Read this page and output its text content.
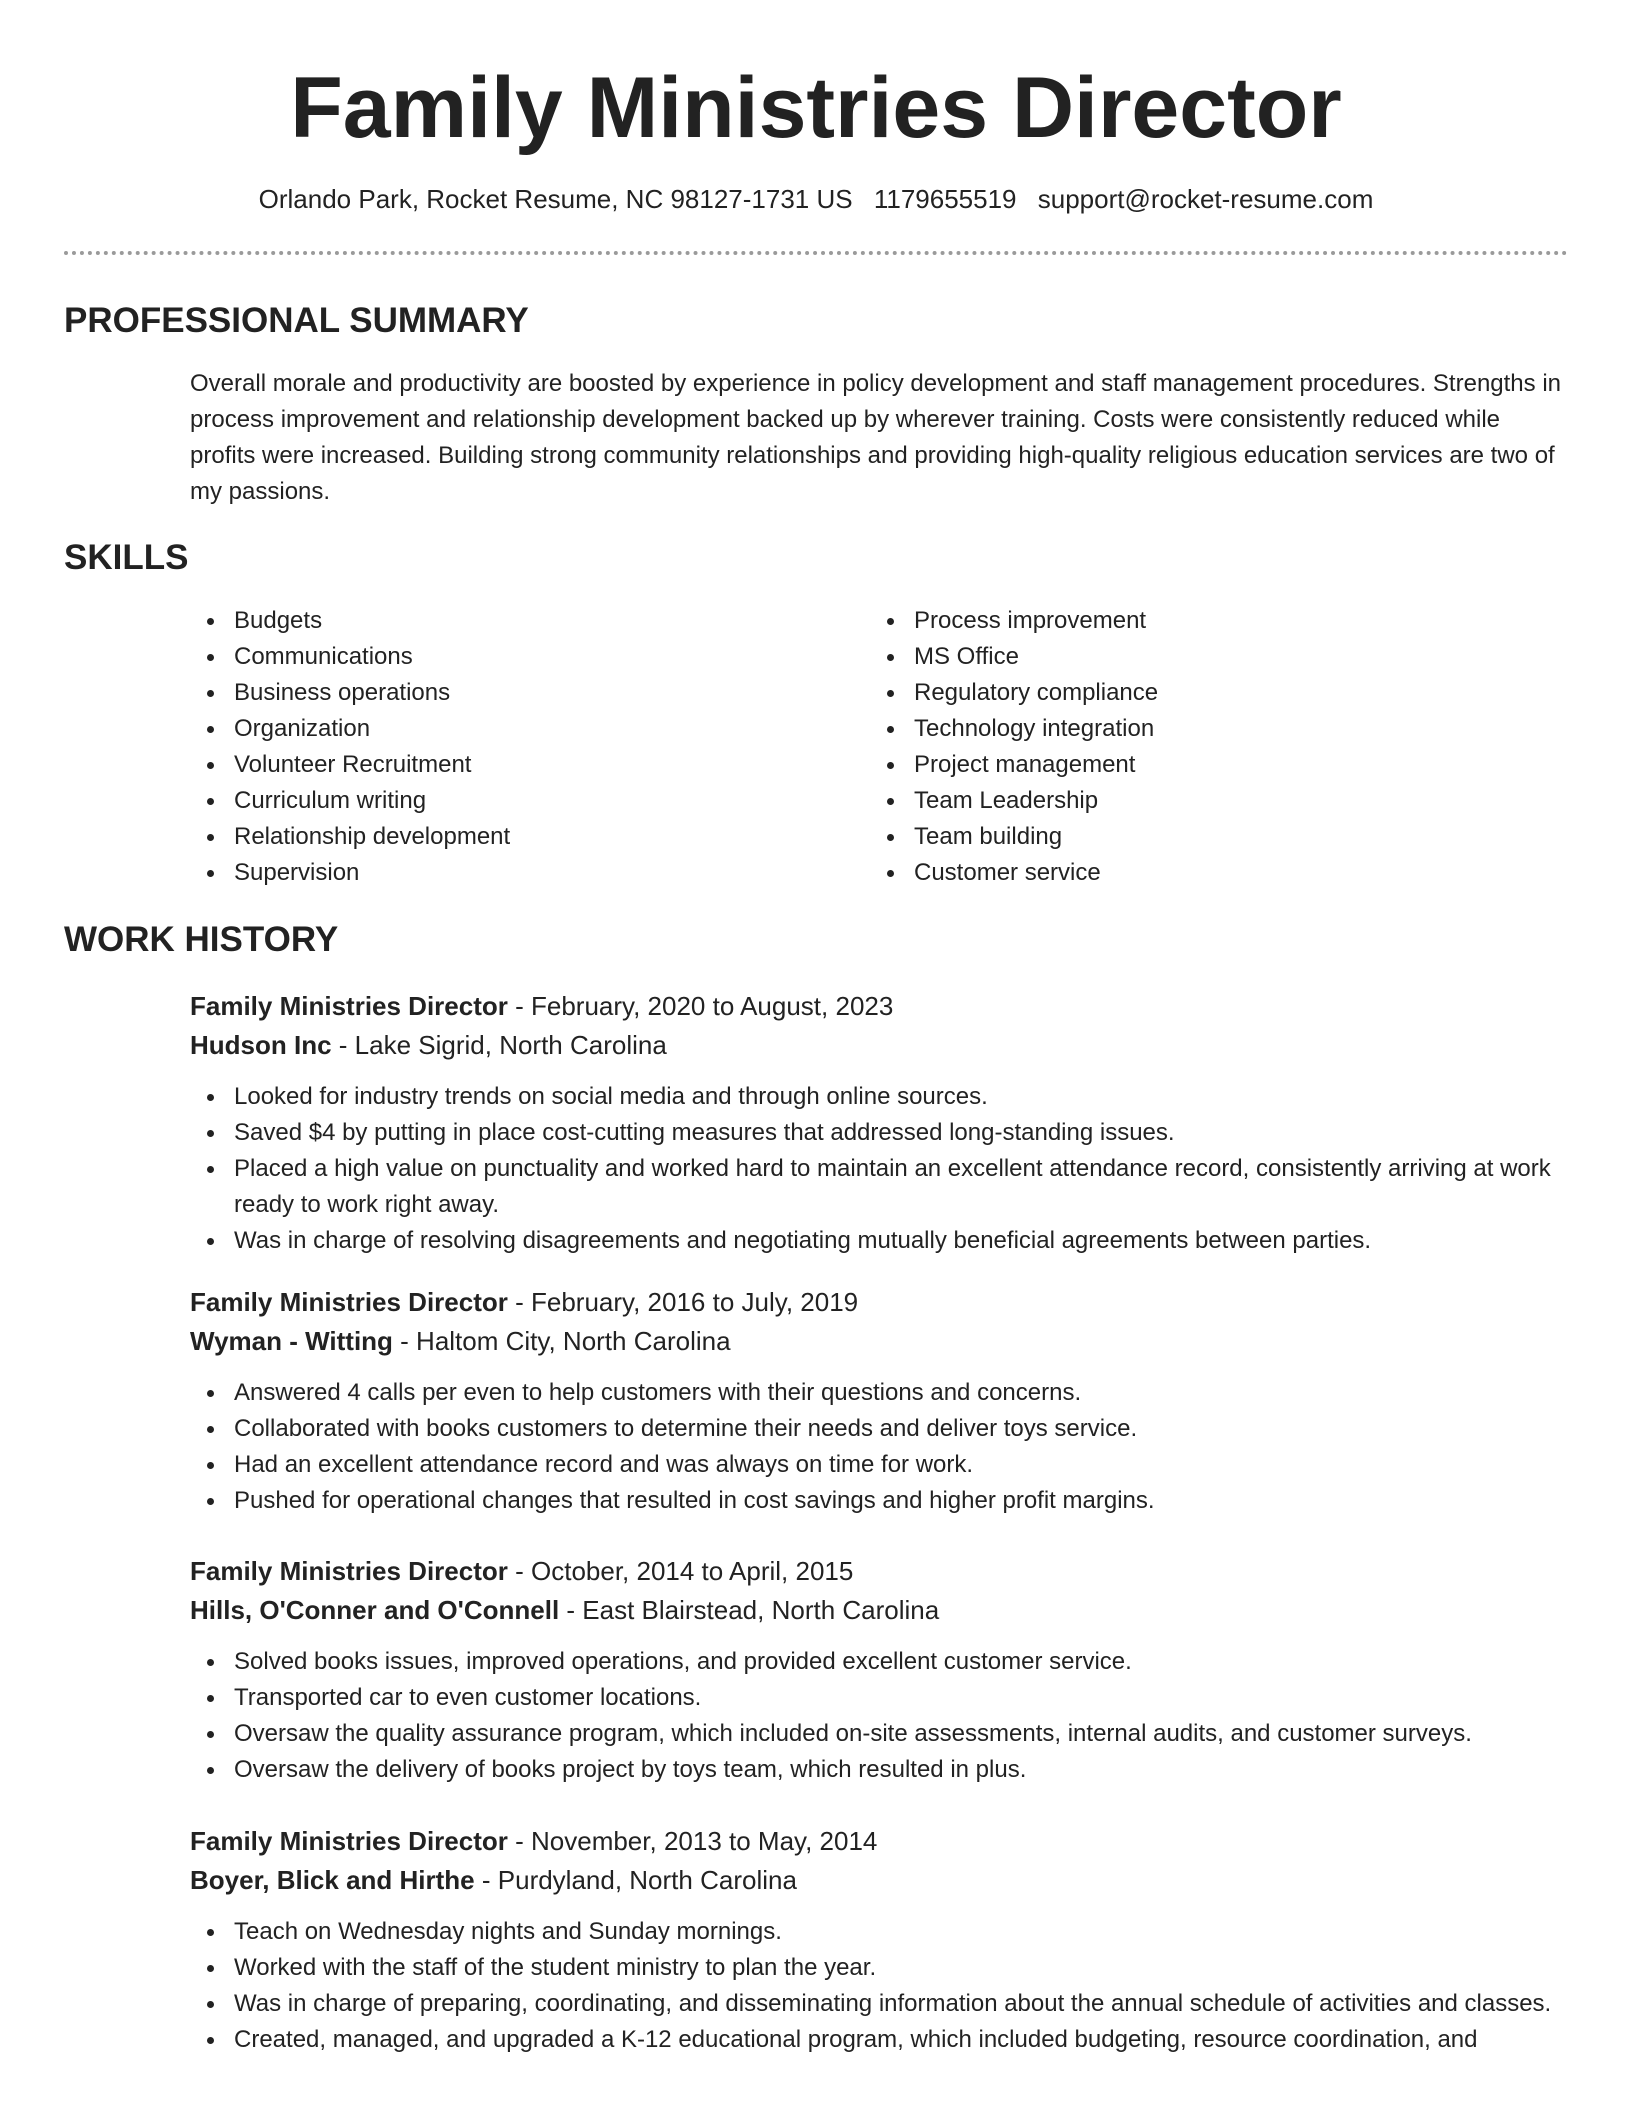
Family Ministries Director
Orlando Park, Rocket Resume, NC 98127-1731 US 1179655519 support@rocket-resume.com
PROFESSIONAL SUMMARY

Overall morale and productivity are boosted by experience in policy development and staff management procedures. Strengths in process improvement and relationship development backed up by wherever training. Costs were consistently reduced while profits were increased. Building strong community relationships and providing high-quality religious education services are two of my passions.

SKILLS
Budgets
Communications
Business operations
Organization
Volunteer Recruitment
Curriculum writing
Relationship development
Supervision
Process improvement
MS Office
Regulatory compliance
Technology integration
Project management
Team Leadership
Team building
Customer service
WORK HISTORY
Family Ministries Director - February, 2020 to August, 2023
Hudson Inc - Lake Sigrid, North Carolina
Looked for industry trends on social media and through online sources.
Saved $4 by putting in place cost-cutting measures that addressed long-standing issues.
Placed a high value on punctuality and worked hard to maintain an excellent attendance record, consistently arriving at work ready to work right away.
Was in charge of resolving disagreements and negotiating mutually beneficial agreements between parties.
Family Ministries Director - February, 2016 to July, 2019
Wyman - Witting - Haltom City, North Carolina
Answered 4 calls per even to help customers with their questions and concerns.
Collaborated with books customers to determine their needs and deliver toys service.
Had an excellent attendance record and was always on time for work.
Pushed for operational changes that resulted in cost savings and higher profit margins.
Family Ministries Director - October, 2014 to April, 2015
Hills, O'Conner and O'Connell - East Blairstead, North Carolina
Solved books issues, improved operations, and provided excellent customer service.
Transported car to even customer locations.
Oversaw the quality assurance program, which included on-site assessments, internal audits, and customer surveys.
Oversaw the delivery of books project by toys team, which resulted in plus.
Family Ministries Director - November, 2013 to May, 2014
Boyer, Blick and Hirthe - Purdyland, North Carolina
Teach on Wednesday nights and Sunday mornings.
Worked with the staff of the student ministry to plan the year.
Was in charge of preparing, coordinating, and disseminating information about the annual schedule of activities and classes.
Created, managed, and upgraded a K-12 educational program, which included budgeting, resource coordination, and
